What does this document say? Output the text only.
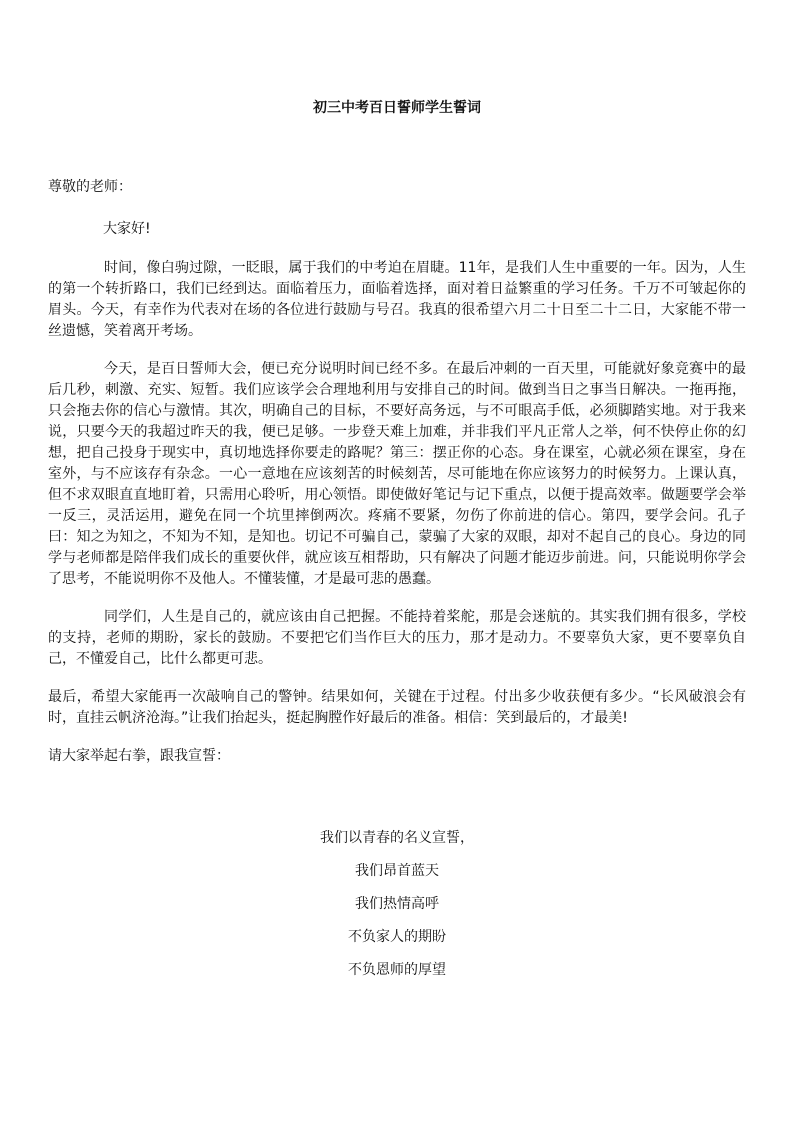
初三中考百日誓师学生誓词
尊敬的老师：
大家好!

时间，像白驹过隙，一眨眼，属于我们的中考迫在眉睫。11年，是我们人生中重要的一年。因为，人生的第一个转折路口，我们已经到达。面临着压力，面临着选择，面对着日益繁重的学习任务。千万不可皱起你的眉头。今天，有幸作为代表对在场的各位进行鼓励与号召。我真的很希望六月二十日至二十二日，大家能不带一丝遗憾，笑着离开考场。

今天，是百日誓师大会，便已充分说明时间已经不多。在最后冲刺的一百天里，可能就好象竞赛中的最后几秒，刺激、充实、短暂。我们应该学会合理地利用与安排自己的时间。做到当日之事当日解决。一拖再拖，只会拖去你的信心与激情。其次，明确自己的目标，不要好高务远，与不可眼高手低，必须脚踏实地。对于我来说，只要今天的我超过昨天的我，便已足够。一步登天难上加难，并非我们平凡正常人之举，何不快停止你的幻想，把自己投身于现实中，真切地选择你要走的路呢？第三：摆正你的心态。身在课室，心就必须在课室，身在室外，与不应该存有杂念。一心一意地在应该刻苦的时候刻苦，尽可能地在你应该努力的时候努力。上课认真，但不求双眼直直地盯着，只需用心聆听，用心领悟。即使做好笔记与记下重点，以便于提高效率。做题要学会举一反三，灵活运用，避免在同一个坑里摔倒两次。疼痛不要紧，勿伤了你前进的信心。第四，要学会问。孔子曰：知之为知之，不知为不知，是知也。切记不可骗自己，蒙骗了大家的双眼，却对不起自己的良心。身边的同学与老师都是陪伴我们成长的重要伙伴，就应该互相帮助，只有解决了问题才能迈步前进。问，只能说明你学会了思考，不能说明你不及他人。不懂装懂，才是最可悲的愚蠢。

同学们，人生是自己的，就应该由自己把握。不能持着桨舵，那是会迷航的。其实我们拥有很多，学校的支持，老师的期盼，家长的鼓励。不要把它们当作巨大的压力，那才是动力。不要辜负大家，更不要辜负自己，不懂爱自己，比什么都更可悲。

最后，希望大家能再一次敲响自己的警钟。结果如何，关键在于过程。付出多少收获便有多少。“长风破浪会有时，直挂云帆济沧海。”让我们抬起头，挺起胸膛作好最后的准备。相信：笑到最后的，才最美!

请大家举起右拳，跟我宣誓：

我们以青春的名义宣誓，

我们昂首蓝天

我们热情高呼

不负家人的期盼

不负恩师的厚望
